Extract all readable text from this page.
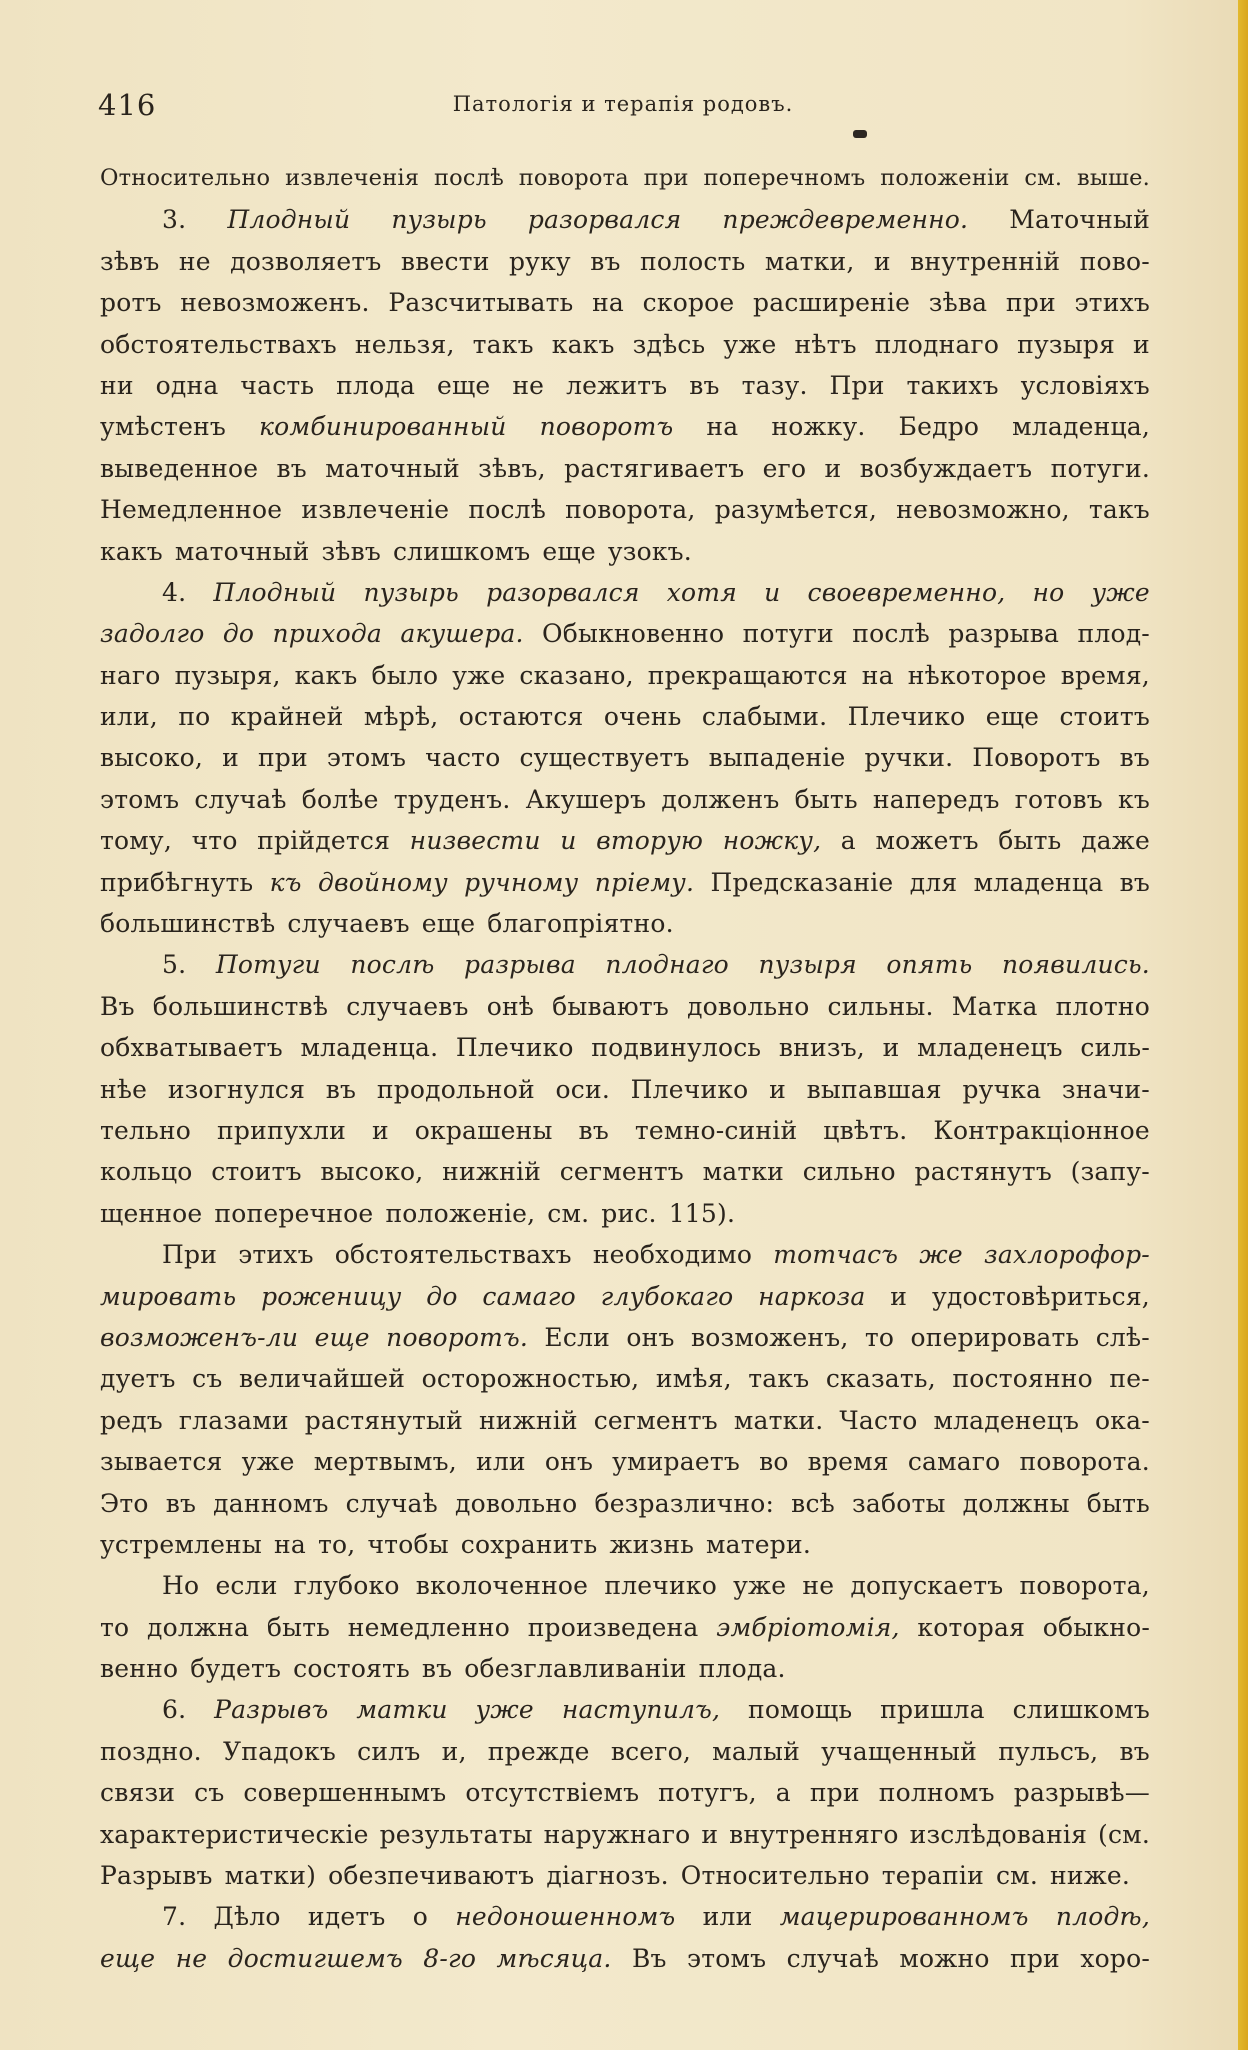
416	Патологія и терапія родовъ.
Относительно извлеченія послѣ поворота при поперечномъ положеніи см. выше.
3. Плодный пузырь разорвался преждевременно. Маточный
зѣвъ не дозволяетъ ввести руку въ полость матки, и внутренній пово-
ротъ невозможенъ. Разсчитывать на скорое расширеніе зѣва при этихъ
обстоятельствахъ нельзя, такъ какъ здѣсь уже нѣтъ плоднаго пузыря и
ни одна часть плода еще не лежитъ въ тазу. При такихъ условіяхъ
умѣстенъ комбинированный поворотъ на ножку. Бедро младенца,
выведенное въ маточный зѣвъ, растягиваетъ его и возбуждаетъ потуги.
Немедленное извлеченіе послѣ поворота, разумѣется, невозможно, такъ
какъ маточный зѣвъ слишкомъ еще узокъ.
4. Плодный пузырь разорвался хотя и своевременно, но уже
задолго до прихода акушера. Обыкновенно потуги послѣ разрыва плод-
наго пузыря, какъ было уже сказано, прекращаются на нѣкоторое время,
или, по крайней мѣрѣ, остаются очень слабыми. Плечико еще стоитъ
высоко, и при этомъ часто существуетъ выпаденіе ручки. Поворотъ въ
этомъ случаѣ болѣе труденъ. Акушеръ долженъ быть напередъ готовъ къ
тому, что прійдется низвести и вторую ножку, а можетъ быть даже
прибѣгнуть къ двойному ручному пріему. Предсказаніе для младенца въ
большинствѣ случаевъ еще благопріятно.
5. Потуги послѣ разрыва плоднаго пузыря опять появились.
Въ большинствѣ случаевъ онѣ бываютъ довольно сильны. Матка плотно
обхватываетъ младенца. Плечико подвинулось внизъ, и младенецъ силь-
нѣе изогнулся въ продольной оси. Плечико и выпавшая ручка значи-
тельно припухли и окрашены въ темно-синій цвѣтъ. Контракціонное
кольцо стоитъ высоко, нижній сегментъ матки сильно растянутъ (запу-
щенное поперечное положеніе, см. рис. 115).
При этихъ обстоятельствахъ необходимо тотчасъ же захлорофор-
мировать роженицу до самаго глубокаго наркоза и удостовѣриться,
возможенъ-ли еще поворотъ. Если онъ возможенъ, то оперировать слѣ-
дуетъ съ величайшей осторожностью, имѣя, такъ сказать, постоянно пе-
редъ глазами растянутый нижній сегментъ матки. Часто младенецъ ока-
зывается уже мертвымъ, или онъ умираетъ во время самаго поворота.
Это въ данномъ случаѣ довольно безразлично: всѣ заботы должны быть
устремлены на то, чтобы сохранить жизнь матери.
Но если глубоко вколоченное плечико уже не допускаетъ поворота,
то должна быть немедленно произведена эмбріотомія, которая обыкно-
венно будетъ состоять въ обезглавливаніи плода.
6. Разрывъ матки уже наступилъ, помощь пришла слишкомъ
поздно. Упадокъ силъ и, прежде всего, малый учащенный пульсъ, въ
связи съ совершеннымъ отсутствіемъ потугъ, а при полномъ разрывѣ—
характеристическіе результаты наружнаго и внутренняго изслѣдованія (см.
Разрывъ матки) обезпечиваютъ діагнозъ. Относительно терапіи см. ниже.
7. Дѣло идетъ о недоношенномъ или мацерированномъ плодѣ,
еще не достигшемъ 8-го мѣсяца. Въ этомъ случаѣ можно при хоро-
